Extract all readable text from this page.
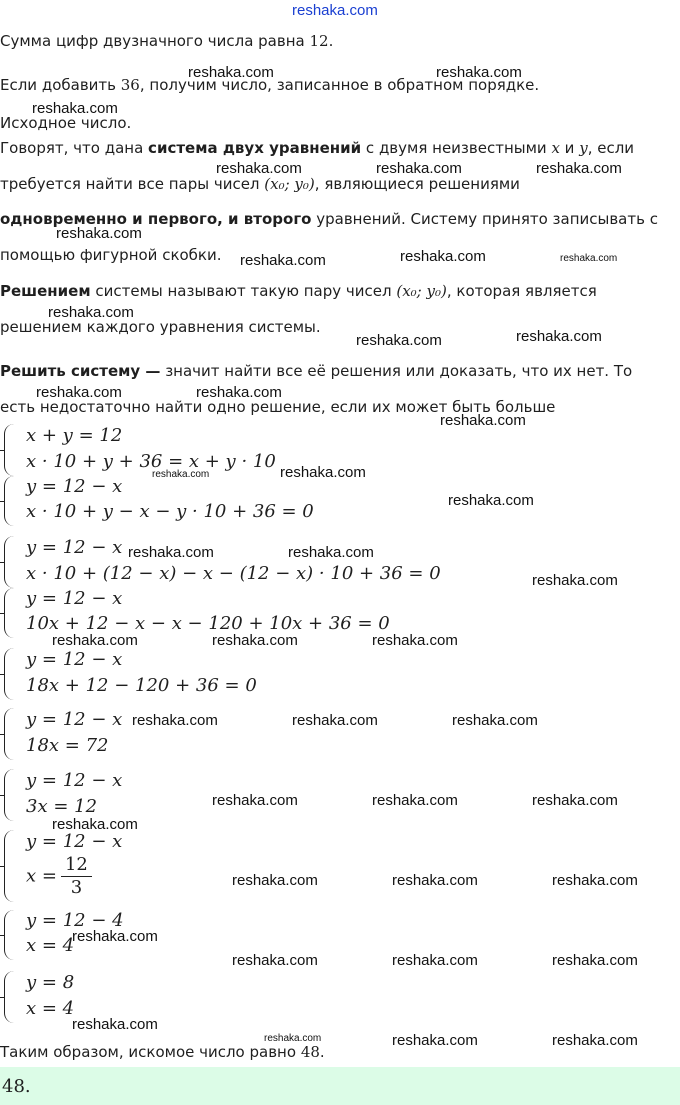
reshaka.com
Сумма цифр двузначного числа равна 12.
Если добавить 36, получим число, записанное в обратном порядке.
Исходное число.
Говорят, что дана система двух уравнений с двумя неизвестными x и y, если
требуется найти все пары чисел (x₀; y₀), являющиеся решениями
одновременно и первого, и второго уравнений. Систему принято записывать с
помощью фигурной скобки.
Решением системы называют такую пару чисел (x₀; y₀), которая является
решением каждого уравнения системы.
Решить систему — значит найти все её решения или доказать, что их нет. То
есть недостаточно найти одно решение, если их может быть больше
x + y = 12
x · 10 + y + 36 = x + y · 10
y = 12 − x
x · 10 + y − x − y · 10 + 36 = 0
y = 12 − x
x · 10 + (12 − x) − x − (12 − x) · 10 + 36 = 0
y = 12 − x
10x + 12 − x − x − 120 + 10x + 36 = 0
y = 12 − x
18x + 12 − 120 + 36 = 0
y = 12 − x
18x = 72
y = 12 − x
3x = 12
y = 12 − x
$x = \frac{12}{3}$
y = 12 − 4
x = 4
y = 8
x = 4
Таким образом, искомое число равно 48.
48.
reshaka.com	reshaka.com
reshaka.com
reshaka.com	reshaka.com	reshaka.com
reshaka.com
reshaka.com	reshaka.com	reshaka.com
reshaka.com
reshaka.com	reshaka.com
reshaka.com	reshaka.com
reshaka.com
reshaka.com	reshaka.com
reshaka.com
reshaka.com	reshaka.com
reshaka.com
reshaka.com	reshaka.com	reshaka.com
reshaka.com	reshaka.com	reshaka.com
reshaka.com	reshaka.com	reshaka.com
reshaka.com
reshaka.com	reshaka.com	reshaka.com
reshaka.com
reshaka.com	reshaka.com	reshaka.com
reshaka.com
reshaka.com	reshaka.com	reshaka.com
